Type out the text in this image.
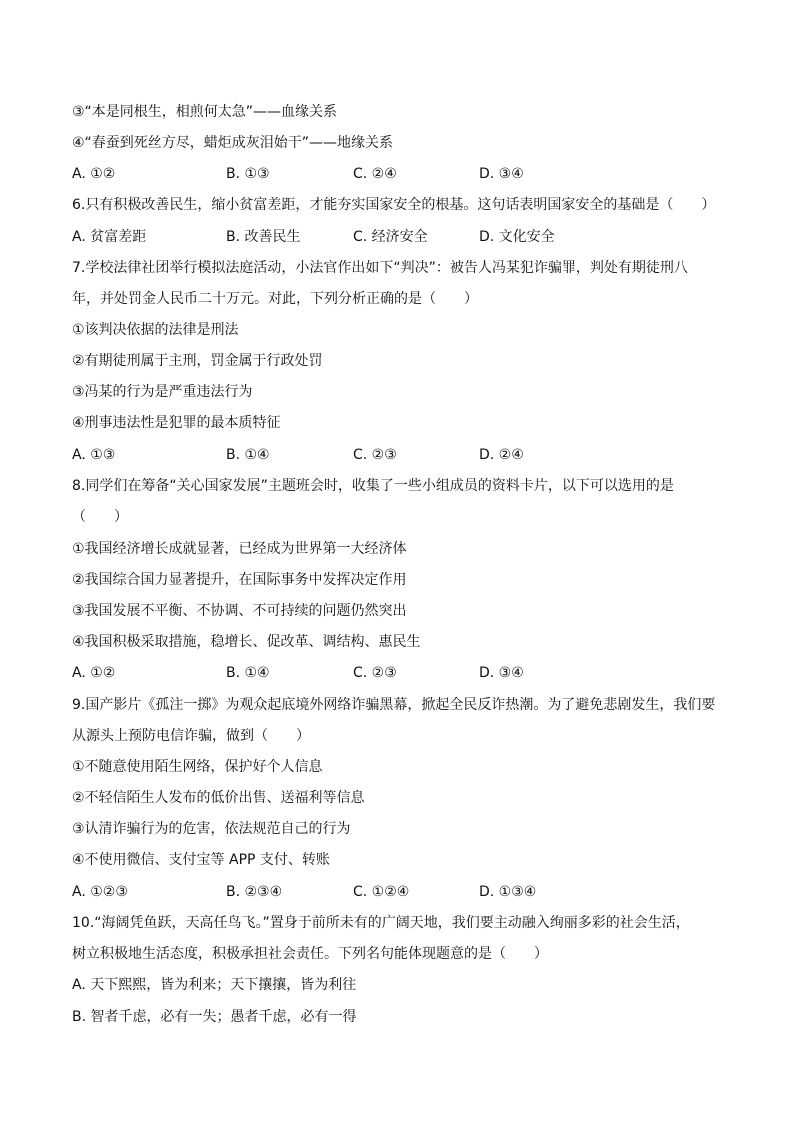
③“本是同根生，相煎何太急”——血缘关系
④“春蚕到死丝方尽，蜡炬成灰泪始干”——地缘关系
A. ①②	B. ①③	C. ②④	D. ③④
6.只有积极改善民生，缩小贫富差距，才能夯实国家安全的根基。这句话表明国家安全的基础是（　　）
A. 贫富差距	B. 改善民生	C. 经济安全	D. 文化安全
7.学校法律社团举行模拟法庭活动，小法官作出如下“判决”：被告人冯某犯诈骗罪，判处有期徒刑八
年，并处罚金人民币二十万元。对此，下列分析正确的是（　　）
①该判决依据的法律是刑法
②有期徒刑属于主刑，罚金属于行政处罚
③冯某的行为是严重违法行为
④刑事违法性是犯罪的最本质特征
A. ①③	B. ①④	C. ②③	D. ②④
8.同学们在筹备“关心国家发展”主题班会时，收集了一些小组成员的资料卡片，以下可以选用的是
（　　）
①我国经济增长成就显著，已经成为世界第一大经济体
②我国综合国力显著提升，在国际事务中发挥决定作用
③我国发展不平衡、不协调、不可持续的问题仍然突出
④我国积极采取措施，稳增长、促改革、调结构、惠民生
A. ①②	B. ①④	C. ②③	D. ③④
9.国产影片《孤注一掷》为观众起底境外网络诈骗黑幕，掀起全民反诈热潮。为了避免悲剧发生，我们要
从源头上预防电信诈骗，做到（　　）
①不随意使用陌生网络，保护好个人信息
②不轻信陌生人发布的低价出售、送福利等信息
③认清诈骗行为的危害，依法规范自己的行为
④不使用微信、支付宝等 APP 支付、转账
A. ①②③	B. ②③④	C. ①②④	D. ①③④
10.“海阔凭鱼跃，天高任鸟飞。”置身于前所未有的广阔天地，我们要主动融入绚丽多彩的社会生活，
树立积极地生活态度，积极承担社会责任。下列名句能体现题意的是（　　）
A. 天下熙熙，皆为利来；天下攘攘，皆为利往
B. 智者千虑，必有一失；愚者千虑，必有一得
